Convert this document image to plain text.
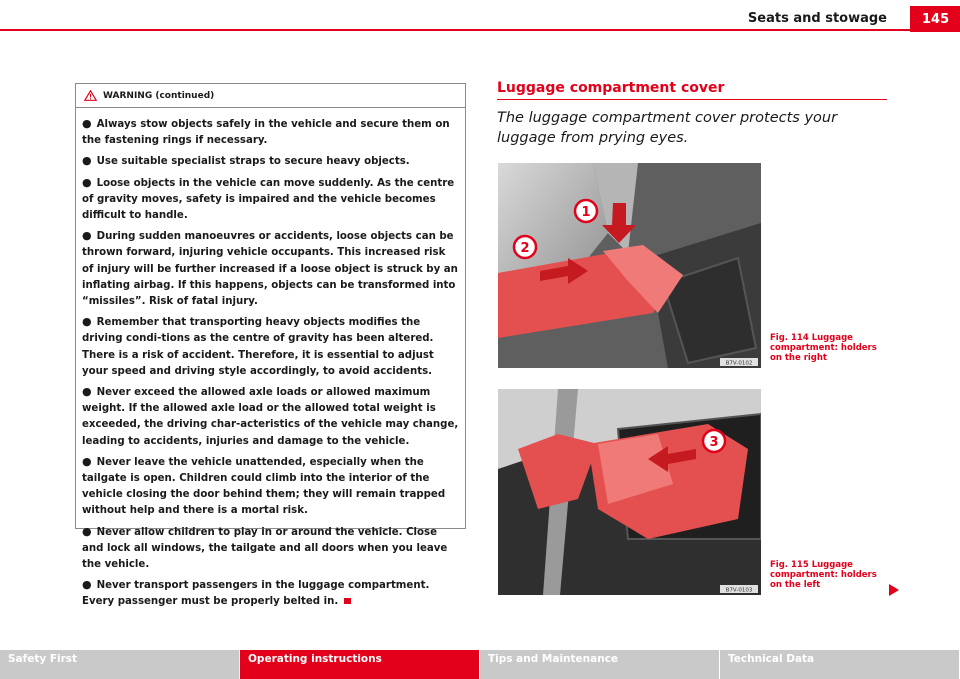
Seats and stowage	145
WARNING (continued)
● Always stow objects safely in the vehicle and secure them on the fastening rings if necessary.
● Use suitable specialist straps to secure heavy objects.
● Loose objects in the vehicle can move suddenly. As the centre of gravity moves, safety is impaired and the vehicle becomes difficult to handle.
● During sudden manoeuvres or accidents, loose objects can be thrown forward, injuring vehicle occupants. This increased risk of injury will be further increased if a loose object is struck by an inflating airbag. If this happens, objects can be transformed into “missiles”. Risk of fatal injury.
● Remember that transporting heavy objects modifies the driving condi-tions as the centre of gravity has been altered. There is a risk of accident. Therefore, it is essential to adjust your speed and driving style accordingly, to avoid accidents.
● Never exceed the allowed axle loads or allowed maximum weight. If the allowed axle load or the allowed total weight is exceeded, the driving char-acteristics of the vehicle may change, leading to accidents, injuries and damage to the vehicle.
● Never leave the vehicle unattended, especially when the tailgate is open. Children could climb into the interior of the vehicle closing the door behind them; they will remain trapped without help and there is a mortal risk.
● Never allow children to play in or around the vehicle. Close and lock all windows, the tailgate and all doors when you leave the vehicle.
● Never transport passengers in the luggage compartment. Every passenger must be properly belted in.
Luggage compartment cover
The luggage compartment cover protects your luggage from prying eyes.
1
2
B7V-0102
Fig. 114 Luggage compartment: holders on the right
3
B7V-0103
Fig. 115 Luggage compartment: holders on the left
Safety First	Operating instructions	Tips and Maintenance	Technical Data
